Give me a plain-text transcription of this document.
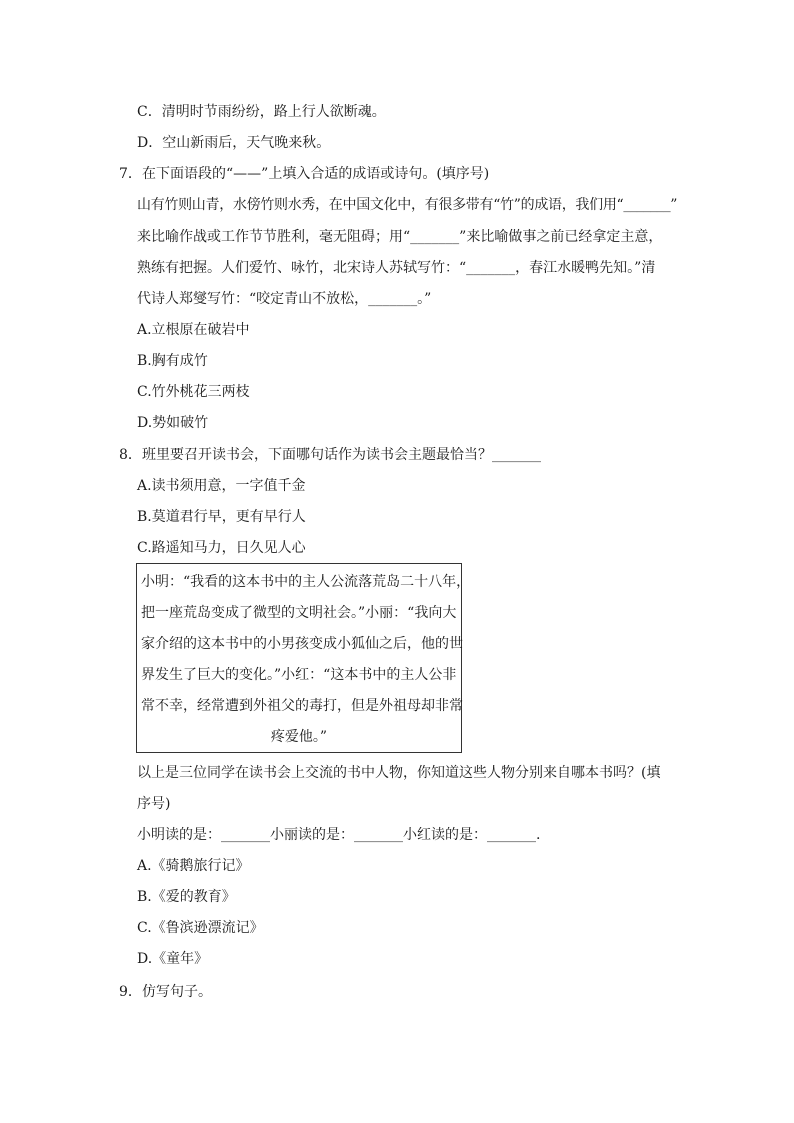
C．清明时节雨纷纷，路上行人欲断魂。
D．空山新雨后，天气晚来秋。
7． 在下面语段的“——”上填入合适的成语或诗句。(填序号)
山有竹则山青，水傍竹则水秀，在中国文化中，有很多带有“竹”的成语，我们用“_______”
来比喻作战或工作节节胜利，毫无阻碍；用“_______”来比喻做事之前已经拿定主意，
熟练有把握。人们爱竹、咏竹，北宋诗人苏轼写竹：“_______，春江水暖鸭先知。”清
代诗人郑燮写竹：“咬定青山不放松，_______。”
A.立根原在破岩中
B.胸有成竹
C.竹外桃花三两枝
D.势如破竹
8． 班里要召开读书会，下面哪句话作为读书会主题最恰当？_______
A.读书须用意，一字值千金
B.莫道君行早，更有早行人
C.路遥知马力，日久见人心
小明：“我看的这本书中的主人公流落荒岛二十八年，
把一座荒岛变成了微型的文明社会。”小丽：“我向大
家介绍的这本书中的小男孩变成小狐仙之后，他的世
界发生了巨大的变化。”小红：“这本书中的主人公非
常不幸，经常遭到外祖父的毒打，但是外祖母却非常
疼爱他。”
以上是三位同学在读书会上交流的书中人物，你知道这些人物分别来自哪本书吗？(填
序号)
小明读的是：_______小丽读的是：_______小红读的是：_______.
A.《骑鹅旅行记》
B.《爱的教育》
C.《鲁滨逊漂流记》
D.《童年》
9． 仿写句子。
